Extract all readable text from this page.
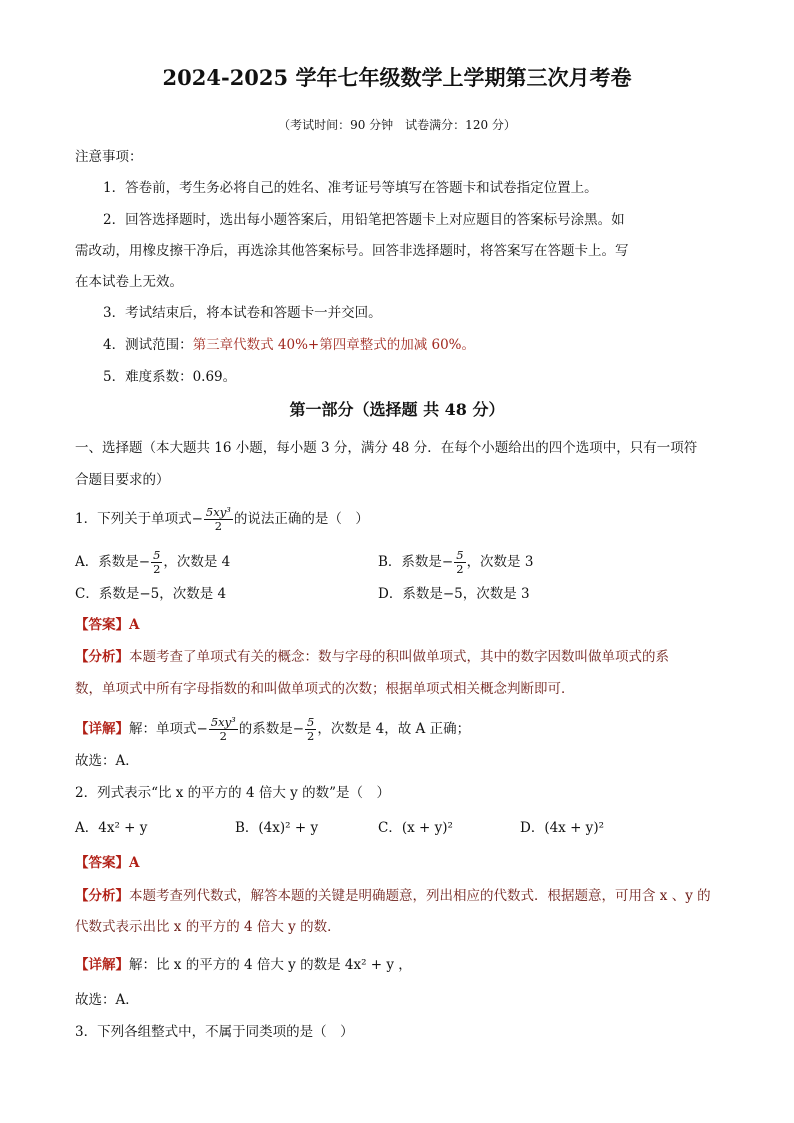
2024-2025 学年七年级数学上学期第三次月考卷
（考试时间：90 分钟　试卷满分：120 分）
注意事项：
1．答卷前，考生务必将自己的姓名、准考证号等填写在答题卡和试卷指定位置上。
2．回答选择题时，选出每小题答案后，用铅笔把答题卡上对应题目的答案标号涂黑。如
需改动，用橡皮擦干净后，再选涂其他答案标号。回答非选择题时，将答案写在答题卡上。写
在本试卷上无效。
3．考试结束后，将本试卷和答题卡一并交回。
4．测试范围：第三章代数式 40%+第四章整式的加减 60%。
5．难度系数：0.69。
第一部分（选择题 共 48 分）
一、选择题（本大题共 16 小题，每小题 3 分，满分 48 分．在每个小题给出的四个选项中，只有一项符
合题目要求的）
1．下列关于单项式− $\frac{\text{5xy³}}{2}$ 的说法正确的是（　）
A．系数是− $\frac{5}{2}$ ，次数是 4	B．系数是− $\frac{5}{2}$ ，次数是 3
C．系数是−5，次数是 4	D．系数是−5，次数是 3
【答案】A
【分析】本题考查了单项式有关的概念：数与字母的积叫做单项式，其中的数字因数叫做单项式的系
数，单项式中所有字母指数的和叫做单项式的次数；根据单项式相关概念判断即可．
【详解】解：单项式− $\frac{\text{5xy³}}{2}$ 的系数是− $\frac{5}{2}$ ，次数是 4，故 A 正确；
故选：A．
2．列式表示“比 x 的平方的 4 倍大 y 的数”是（　）
A．4x² + y	B．(4x)² + y	C．(x + y)²	D．(4x + y)²
【答案】A
【分析】本题考查列代数式，解答本题的关键是明确题意，列出相应的代数式．根据题意，可用含 x 、y 的
代数式表示出比 x 的平方的 4 倍大 y 的数．
【详解】解：比 x 的平方的 4 倍大 y 的数是 4x² + y ，
故选：A．
3．下列各组整式中，不属于同类项的是（　）
